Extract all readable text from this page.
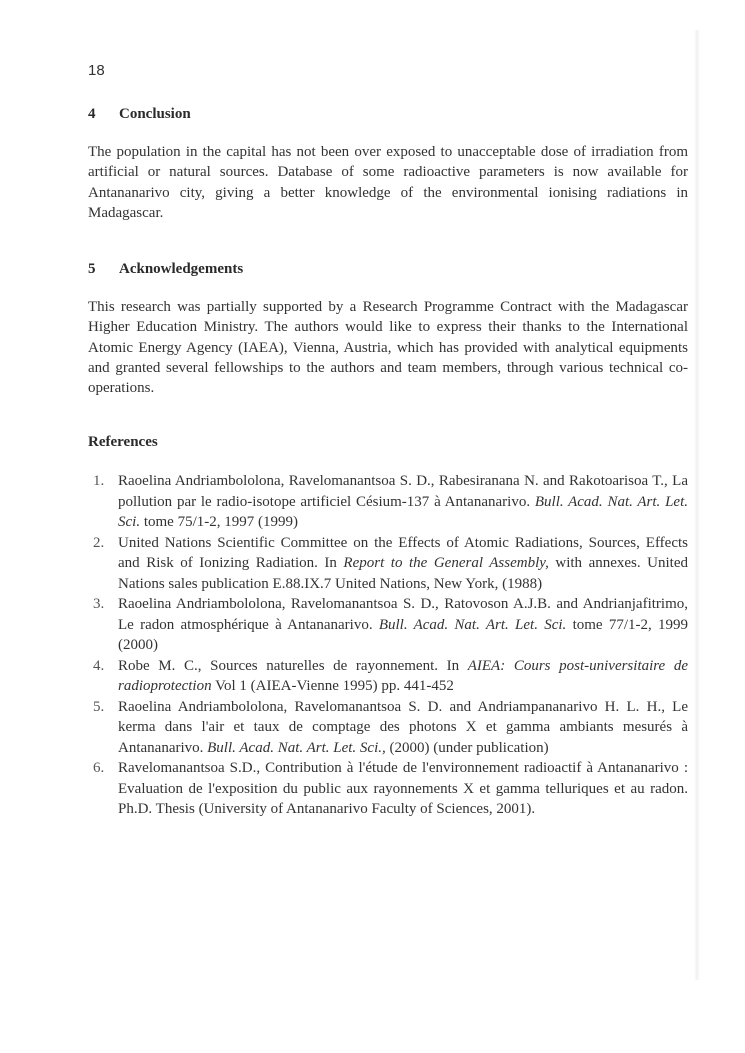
18
4 Conclusion

The population in the capital has not been over exposed to unacceptable dose of irradiation from artificial or natural sources. Database of some radioactive parameters is now available for Antananarivo city, giving a better knowledge of the environmental ionising radiations in Madagascar.

5 Acknowledgements

This research was partially supported by a Research Programme Contract with the Madagascar Higher Education Ministry. The authors would like to express their thanks to the International Atomic Energy Agency (IAEA), Vienna, Austria, which has provided with analytical equipments and granted several fellowships to the authors and team members, through various technical co-operations.

References
1. Raoelina Andriambololona, Ravelomanantsoa S. D., Rabesiranana N. and Rakotoarisoa T., La pollution par le radio-isotope artificiel Césium-137 à Antananarivo. Bull. Acad. Nat. Art. Let. Sci. tome 75/1-2, 1997 (1999)
2. United Nations Scientific Committee on the Effects of Atomic Radiations, Sources, Effects and Risk of Ionizing Radiation. In Report to the General Assembly, with annexes. United Nations sales publication E.88.IX.7 United Nations, New York, (1988)
3. Raoelina Andriambololona, Ravelomanantsoa S. D., Ratovoson A.J.B. and Andrianjafitrimo, Le radon atmosphérique à Antananarivo. Bull. Acad. Nat. Art. Let. Sci. tome 77/1-2, 1999 (2000)
4. Robe M. C., Sources naturelles de rayonnement. In AIEA: Cours post-universitaire de radioprotection Vol 1 (AIEA-Vienne 1995) pp. 441-452
5. Raoelina Andriambololona, Ravelomanantsoa S. D. and Andriampananarivo H. L. H., Le kerma dans l'air et taux de comptage des photons X et gamma ambiants mesurés à Antananarivo. Bull. Acad. Nat. Art. Let. Sci., (2000) (under publication)
6. Ravelomanantsoa S.D., Contribution à l'étude de l'environnement radioactif à Antananarivo : Evaluation de l'exposition du public aux rayonnements X et gamma telluriques et au radon. Ph.D. Thesis (University of Antananarivo Faculty of Sciences, 2001).
